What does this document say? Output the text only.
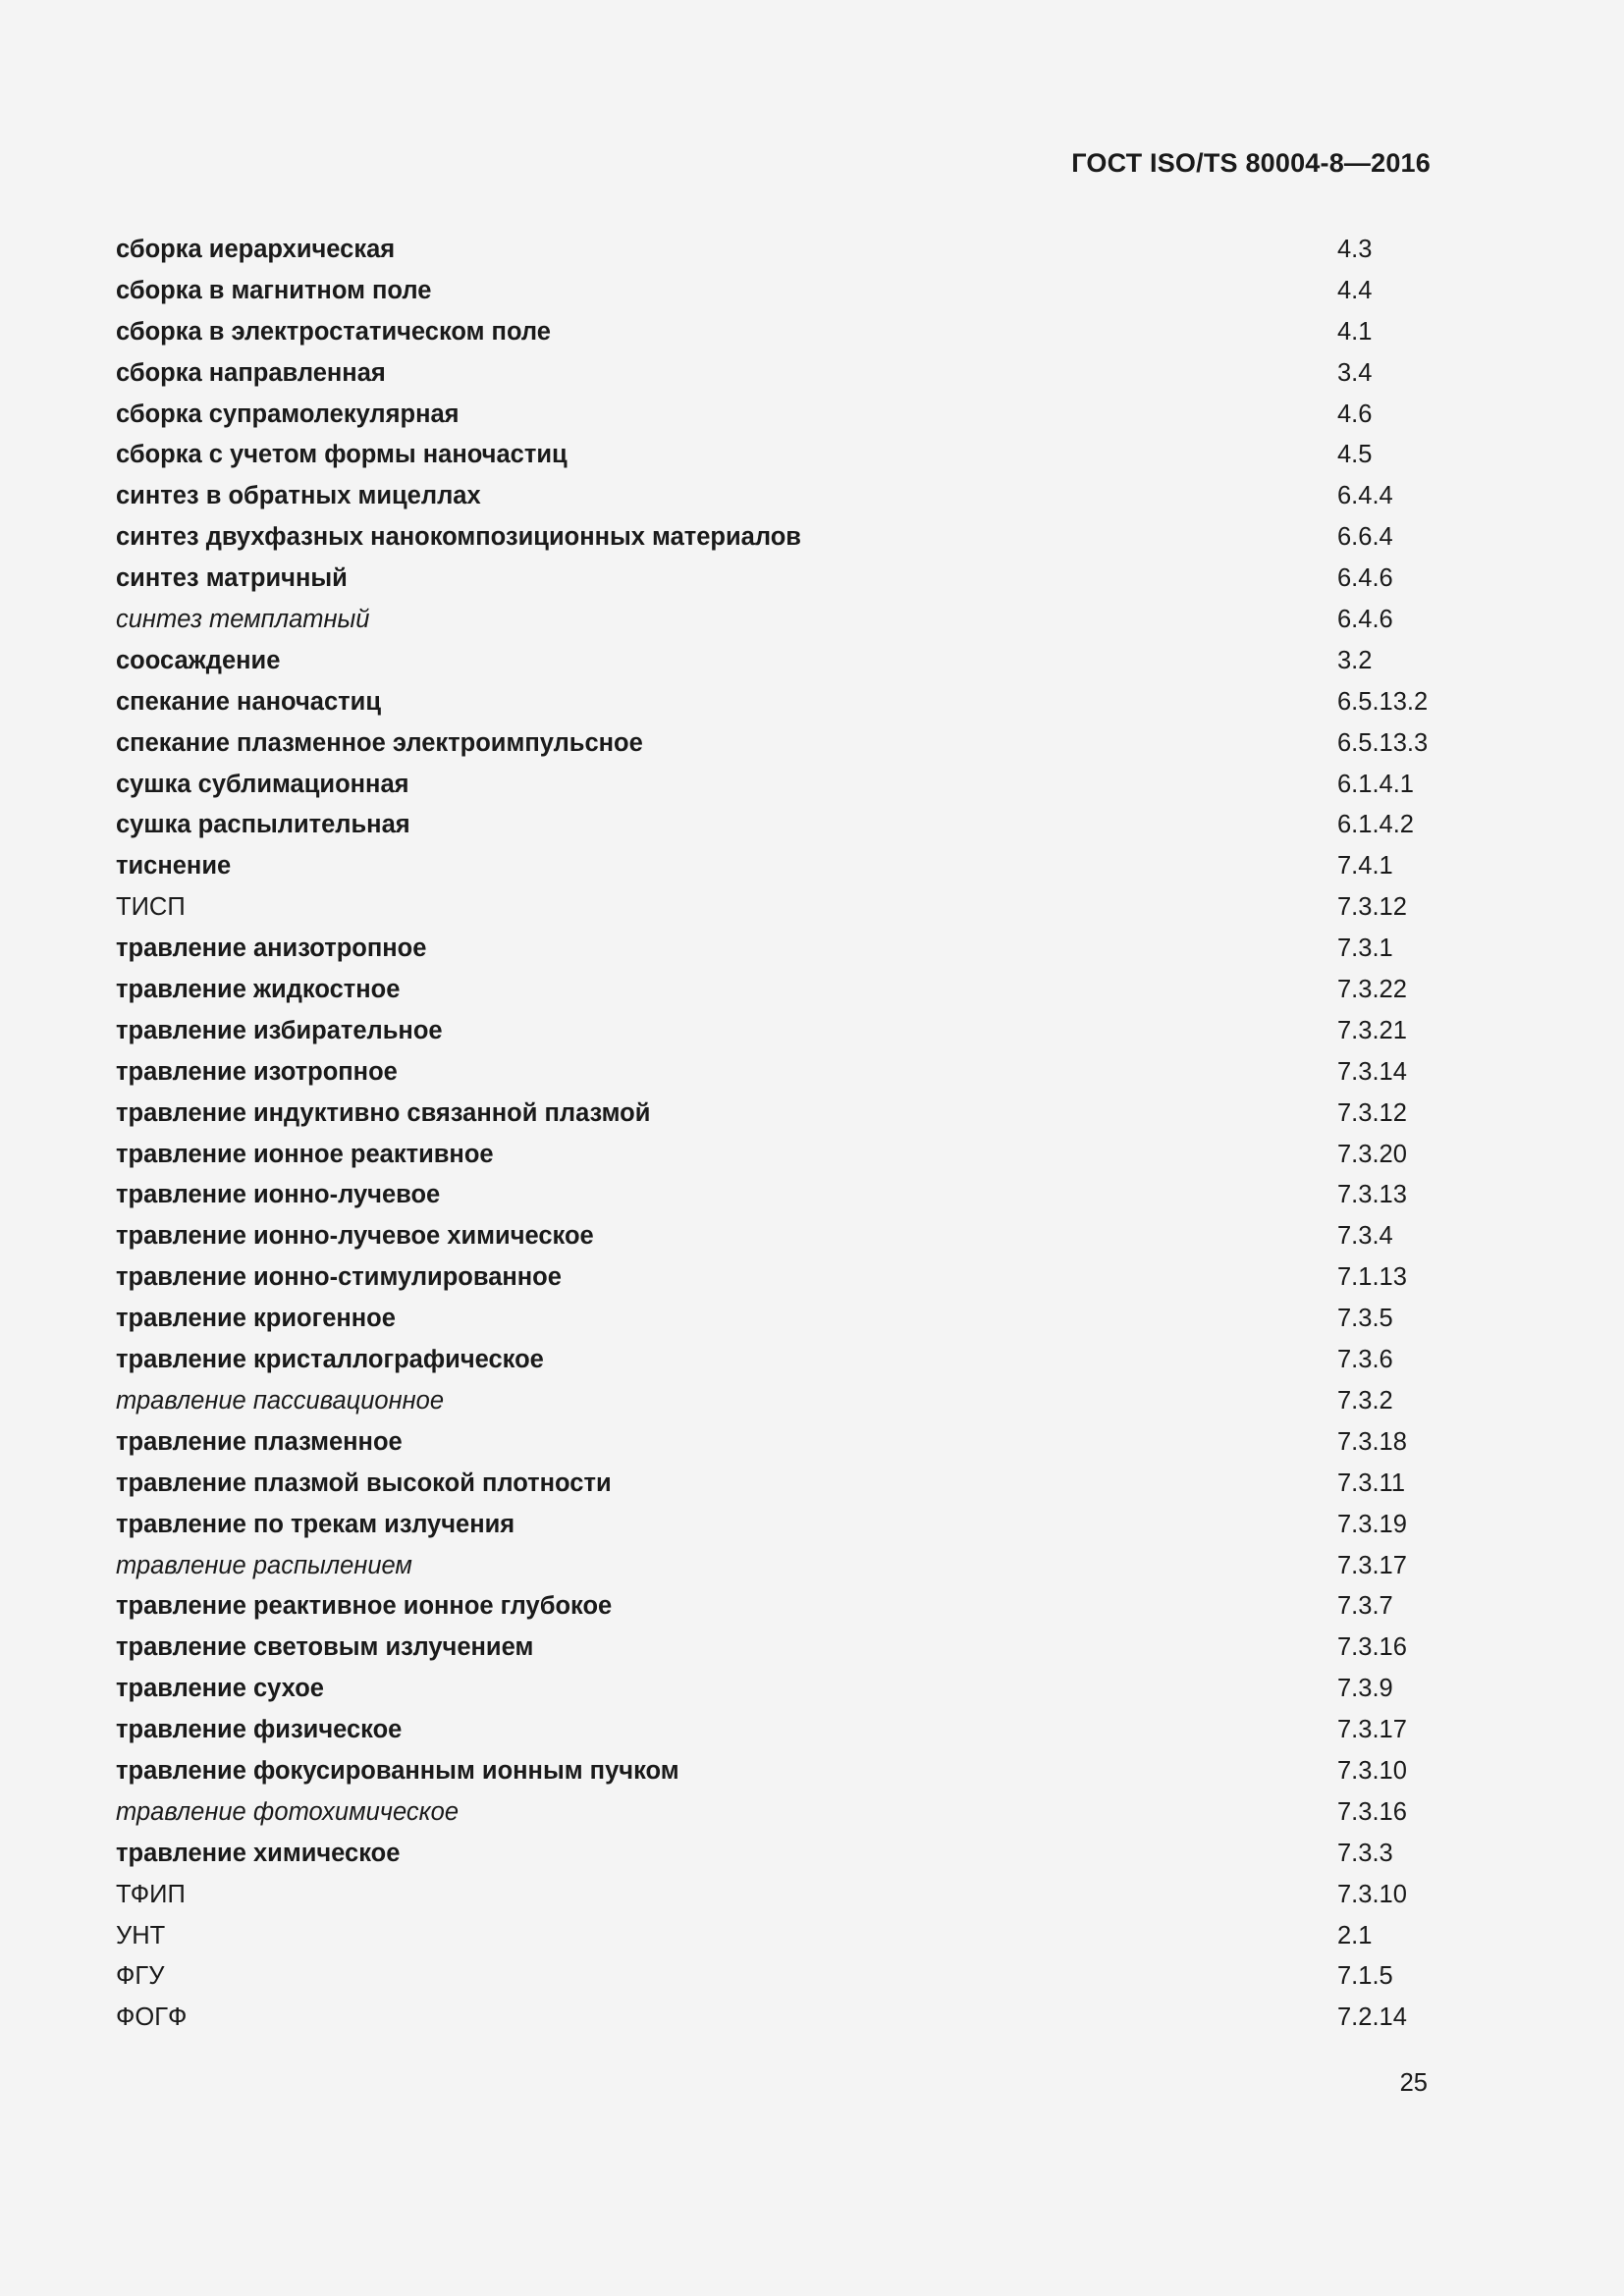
ГОСТ ISO/TS 80004-8—2016
сборка иерархическая	4.3
сборка в магнитном поле	4.4
сборка в электростатическом поле	4.1
сборка направленная	3.4
сборка супрамолекулярная	4.6
сборка с учетом формы наночастиц	4.5
синтез в обратных мицеллах	6.4.4
синтез двухфазных нанокомпозиционных материалов	6.6.4
синтез матричный	6.4.6
синтез темплатный	6.4.6
соосаждение	3.2
спекание наночастиц	6.5.13.2
спекание плазменное электроимпульсное	6.5.13.3
сушка сублимационная	6.1.4.1
сушка распылительная	6.1.4.2
тиснение	7.4.1
ТИСП	7.3.12
травление анизотропное	7.3.1
травление жидкостное	7.3.22
травление избирательное	7.3.21
травление изотропное	7.3.14
травление индуктивно связанной плазмой	7.3.12
травление ионное реактивное	7.3.20
травление ионно-лучевое	7.3.13
травление ионно-лучевое химическое	7.3.4
травление ионно-стимулированное	7.1.13
травление криогенное	7.3.5
травление кристаллографическое	7.3.6
травление пассивационное	7.3.2
травление плазменное	7.3.18
травление плазмой высокой плотности	7.3.11
травление по трекам излучения	7.3.19
травление распылением	7.3.17
травление реактивное ионное глубокое	7.3.7
травление световым излучением	7.3.16
травление сухое	7.3.9
травление физическое	7.3.17
травление фокусированным ионным пучком	7.3.10
травление фотохимическое	7.3.16
травление химическое	7.3.3
ТФИП	7.3.10
УНТ	2.1
ФГУ	7.1.5
ФОГФ	7.2.14
25
